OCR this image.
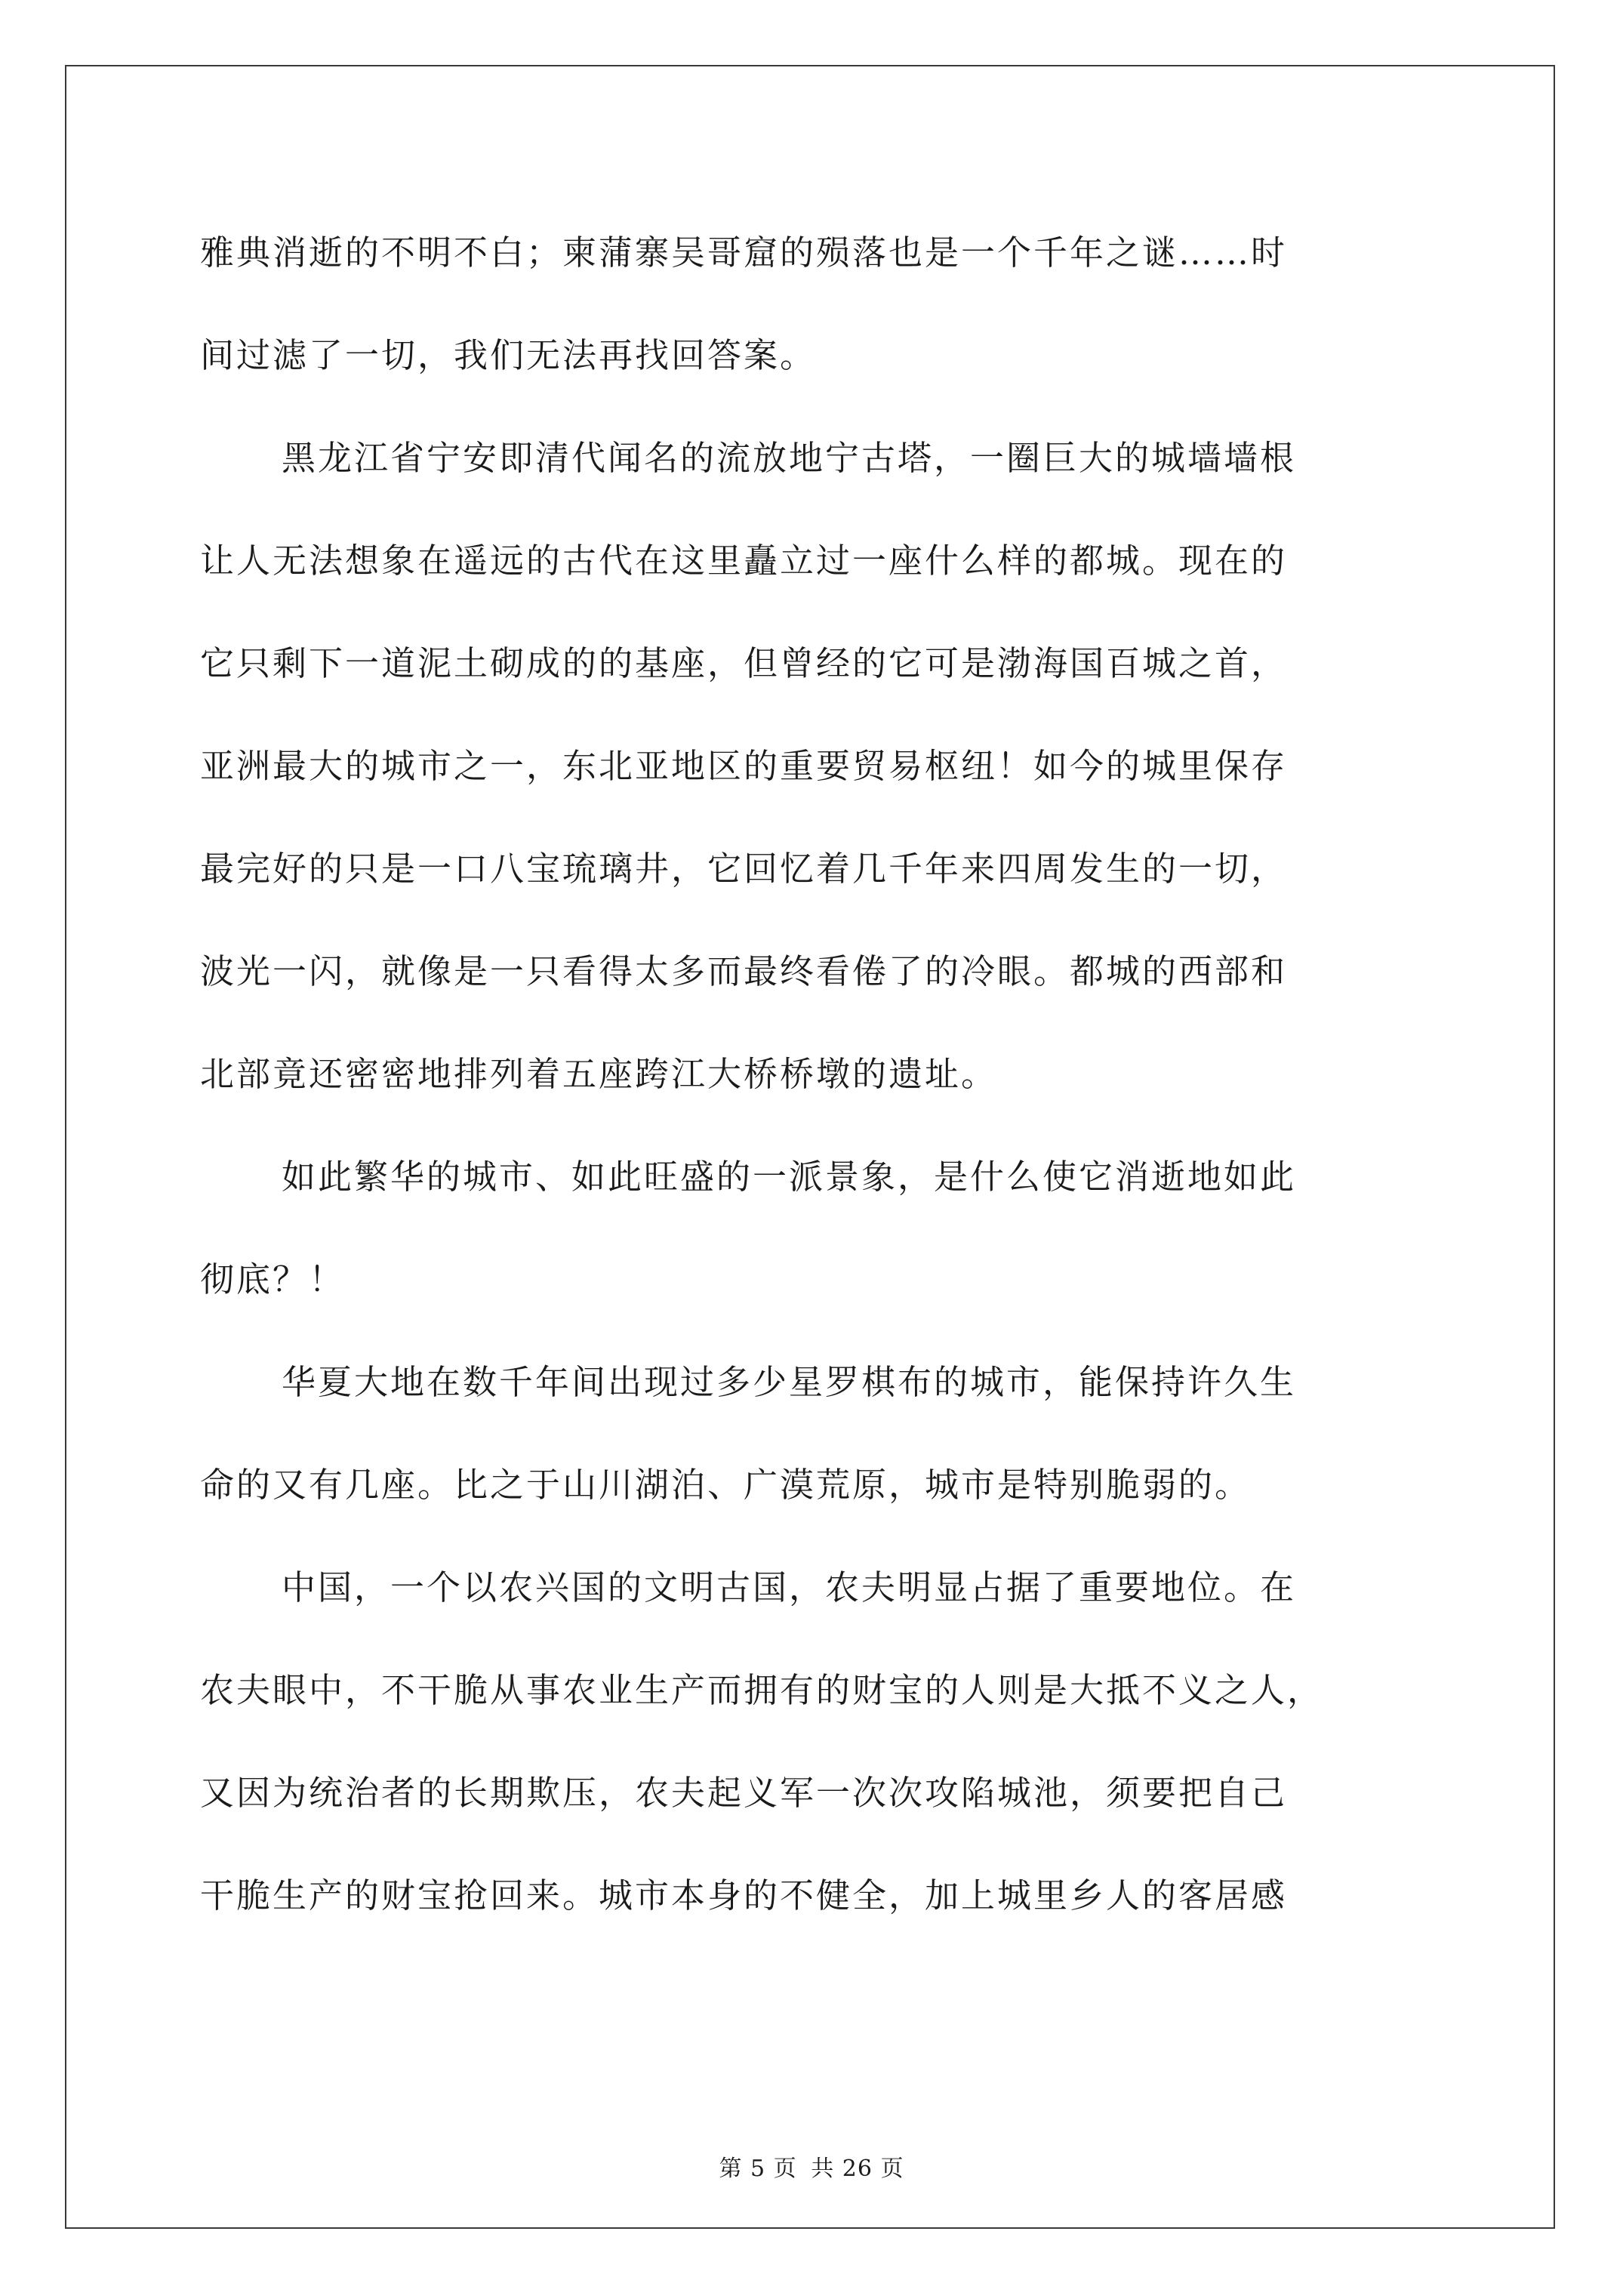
雅典消逝的不明不白；柬蒲寨吴哥窟的殒落也是一个千年之谜……时
间过滤了一切，我们无法再找回答案。
黑龙江省宁安即清代闻名的流放地宁古塔，一圈巨大的城墙墙根
让人无法想象在遥远的古代在这里矗立过一座什么样的都城。现在的
它只剩下一道泥土砌成的的基座，但曾经的它可是渤海国百城之首，
亚洲最大的城市之一，东北亚地区的重要贸易枢纽！如今的城里保存
最完好的只是一口八宝琉璃井，它回忆着几千年来四周发生的一切，
波光一闪，就像是一只看得太多而最终看倦了的冷眼。都城的西部和
北部竟还密密地排列着五座跨江大桥桥墩的遗址。
如此繁华的城市、如此旺盛的一派景象，是什么使它消逝地如此
彻底？！
华夏大地在数千年间出现过多少星罗棋布的城市，能保持许久生
命的又有几座。比之于山川湖泊、广漠荒原，城市是特别脆弱的。
中国，一个以农兴国的文明古国，农夫明显占据了重要地位。在
农夫眼中，不干脆从事农业生产而拥有的财宝的人则是大抵不义之人，
又因为统治者的长期欺压，农夫起义军一次次攻陷城池，须要把自己
干脆生产的财宝抢回来。城市本身的不健全，加上城里乡人的客居感
第 5 页 共 26 页
